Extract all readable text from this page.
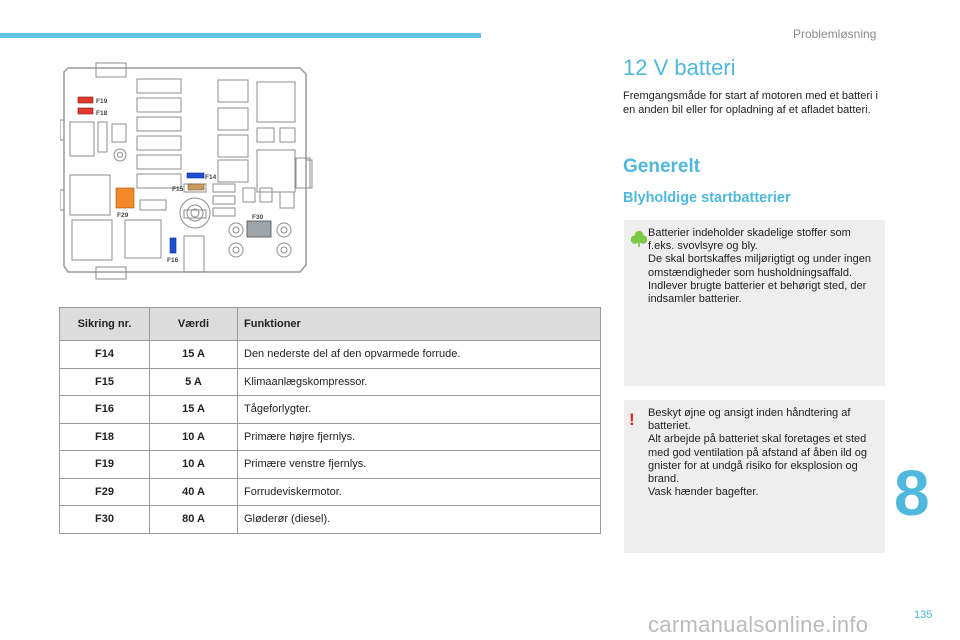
Problemløsning
F19
F18
F14
F15
F29	F30
F16
Sikring nr.	Værdi	Funktioner
F14	15 A	Den nederste del af den opvarmede forrude.
F15	5 A	Klimaanlægskompressor.
F16	15 A	Tågeforlygter.
F18	10 A	Primære højre fjernlys.
F19	10 A	Primære venstre fjernlys.
F29	40 A	Forrudeviskermotor.
F30	80 A	Gløderør (diesel).
12 V batteri
Fremgangsmåde for start af motoren med et batteri i en anden bil eller for opladning af et afladet batteri.
Generelt
Blyholdige startbatterier
Batterier indeholder skadelige stoffer som f.eks. svovlsyre og bly.
De skal bortskaffes miljørigtigt og under ingen omstændigheder som husholdningsaffald.
Indlever brugte batterier et behørigt sted, der indsamler batterier.
!	Beskyt øjne og ansigt inden håndtering af batteriet.
Alt arbejde på batteriet skal foretages et sted med god ventilation på afstand af åben ild og gnister for at undgå risiko for eksplosion og brand.
Vask hænder bagefter.	8
135
carmanualsonline.info
